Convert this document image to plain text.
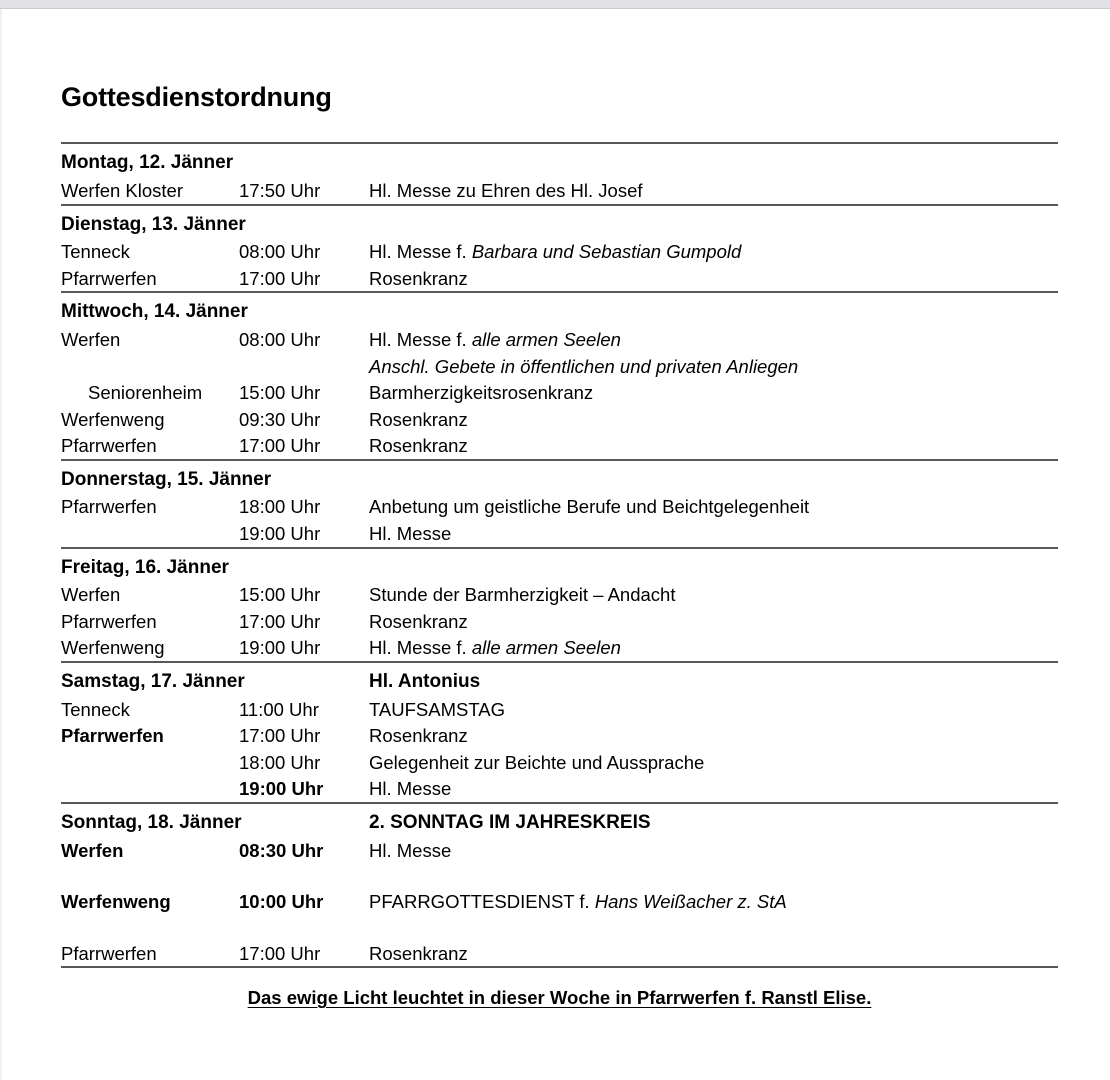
Gottesdienstordnung
Montag, 12. Jänner		
Werfen Kloster	17:50 Uhr	Hl. Messe zu Ehren des Hl. Josef
Dienstag, 13. Jänner		
Tenneck	08:00 Uhr	Hl. Messe f. Barbara und Sebastian Gumpold
Pfarrwerfen	17:00 Uhr	Rosenkranz
Mittwoch, 14. Jänner		
Werfen	08:00 Uhr	Hl. Messe f. alle armen Seelen
		Anschl. Gebete in öffentlichen und privaten Anliegen
Seniorenheim	15:00 Uhr	Barmherzigkeitsrosenkranz
Werfenweng	09:30 Uhr	Rosenkranz
Pfarrwerfen	17:00 Uhr	Rosenkranz
Donnerstag, 15. Jänner		
Pfarrwerfen	18:00 Uhr	Anbetung um geistliche Berufe und Beichtgelegenheit
	19:00 Uhr	Hl. Messe
Freitag, 16. Jänner		
Werfen	15:00 Uhr	Stunde der Barmherzigkeit – Andacht
Pfarrwerfen	17:00 Uhr	Rosenkranz
Werfenweng	19:00 Uhr	Hl. Messe f. alle armen Seelen
Samstag, 17. Jänner		Hl. Antonius
Tenneck	11:00 Uhr	TAUFSAMSTAG
Pfarrwerfen	17:00 Uhr	Rosenkranz
	18:00 Uhr	Gelegenheit zur Beichte und Aussprache
	19:00 Uhr	Hl. Messe
Sonntag, 18. Jänner		2. SONNTAG IM JAHRESKREIS
Werfen	08:30 Uhr	Hl. Messe
Werfenweng	10:00 Uhr	PFARRGOTTESDIENST f. Hans Weißacher z. StA
Pfarrwerfen	17:00 Uhr	Rosenkranz

Das ewige Licht leuchtet in dieser Woche in Pfarrwerfen f. Ranstl Elise.
